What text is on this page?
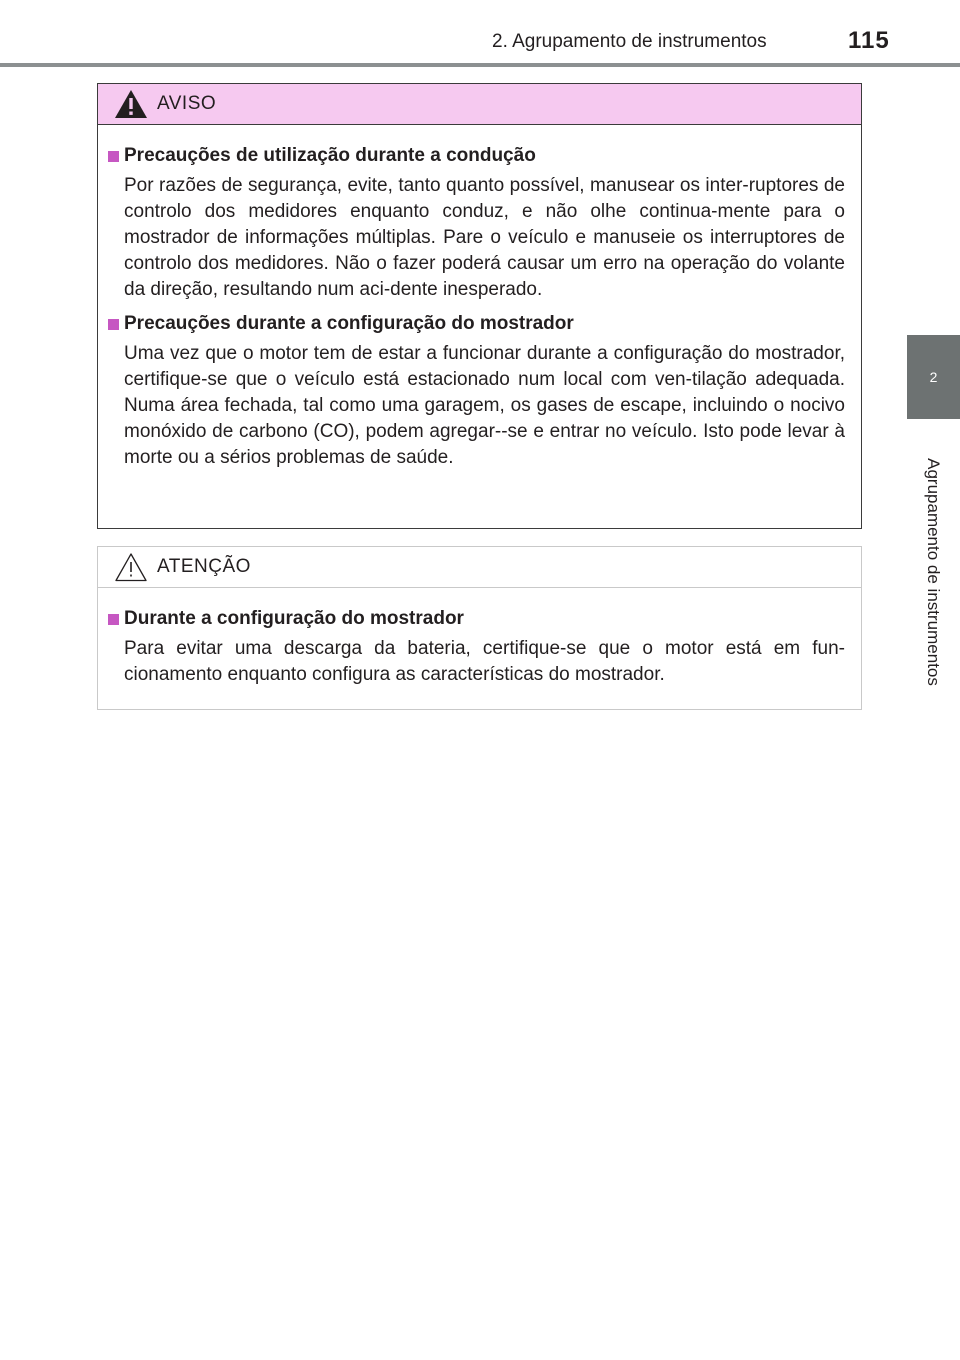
2. Agrupamento de instrumentos	115
2
Agrupamento de instrumentos
AVISO
Precauções de utilização durante a condução

Por razões de segurança, evite, tanto quanto possível, manusear os inter-ruptores de controlo dos medidores enquanto conduz, e não olhe continua-mente para o mostrador de informações múltiplas. Pare o veículo e manuseie os interruptores de controlo dos medidores. Não o fazer poderá causar um erro na operação do volante da direção, resultando num aci-dente inesperado.

Precauções durante a configuração do mostrador

Uma vez que o motor tem de estar a funcionar durante a configuração do mostrador, certifique-se que o veículo está estacionado num local com ven-tilação adequada. Numa área fechada, tal como uma garagem, os gases de escape, incluindo o nocivo monóxido de carbono (CO), podem agregar--se e entrar no veículo. Isto pode levar à morte ou a sérios problemas de saúde.

ATENÇÃO
Durante a configuração do mostrador

Para evitar uma descarga da bateria, certifique-se que o motor está em fun-cionamento enquanto configura as características do mostrador.
